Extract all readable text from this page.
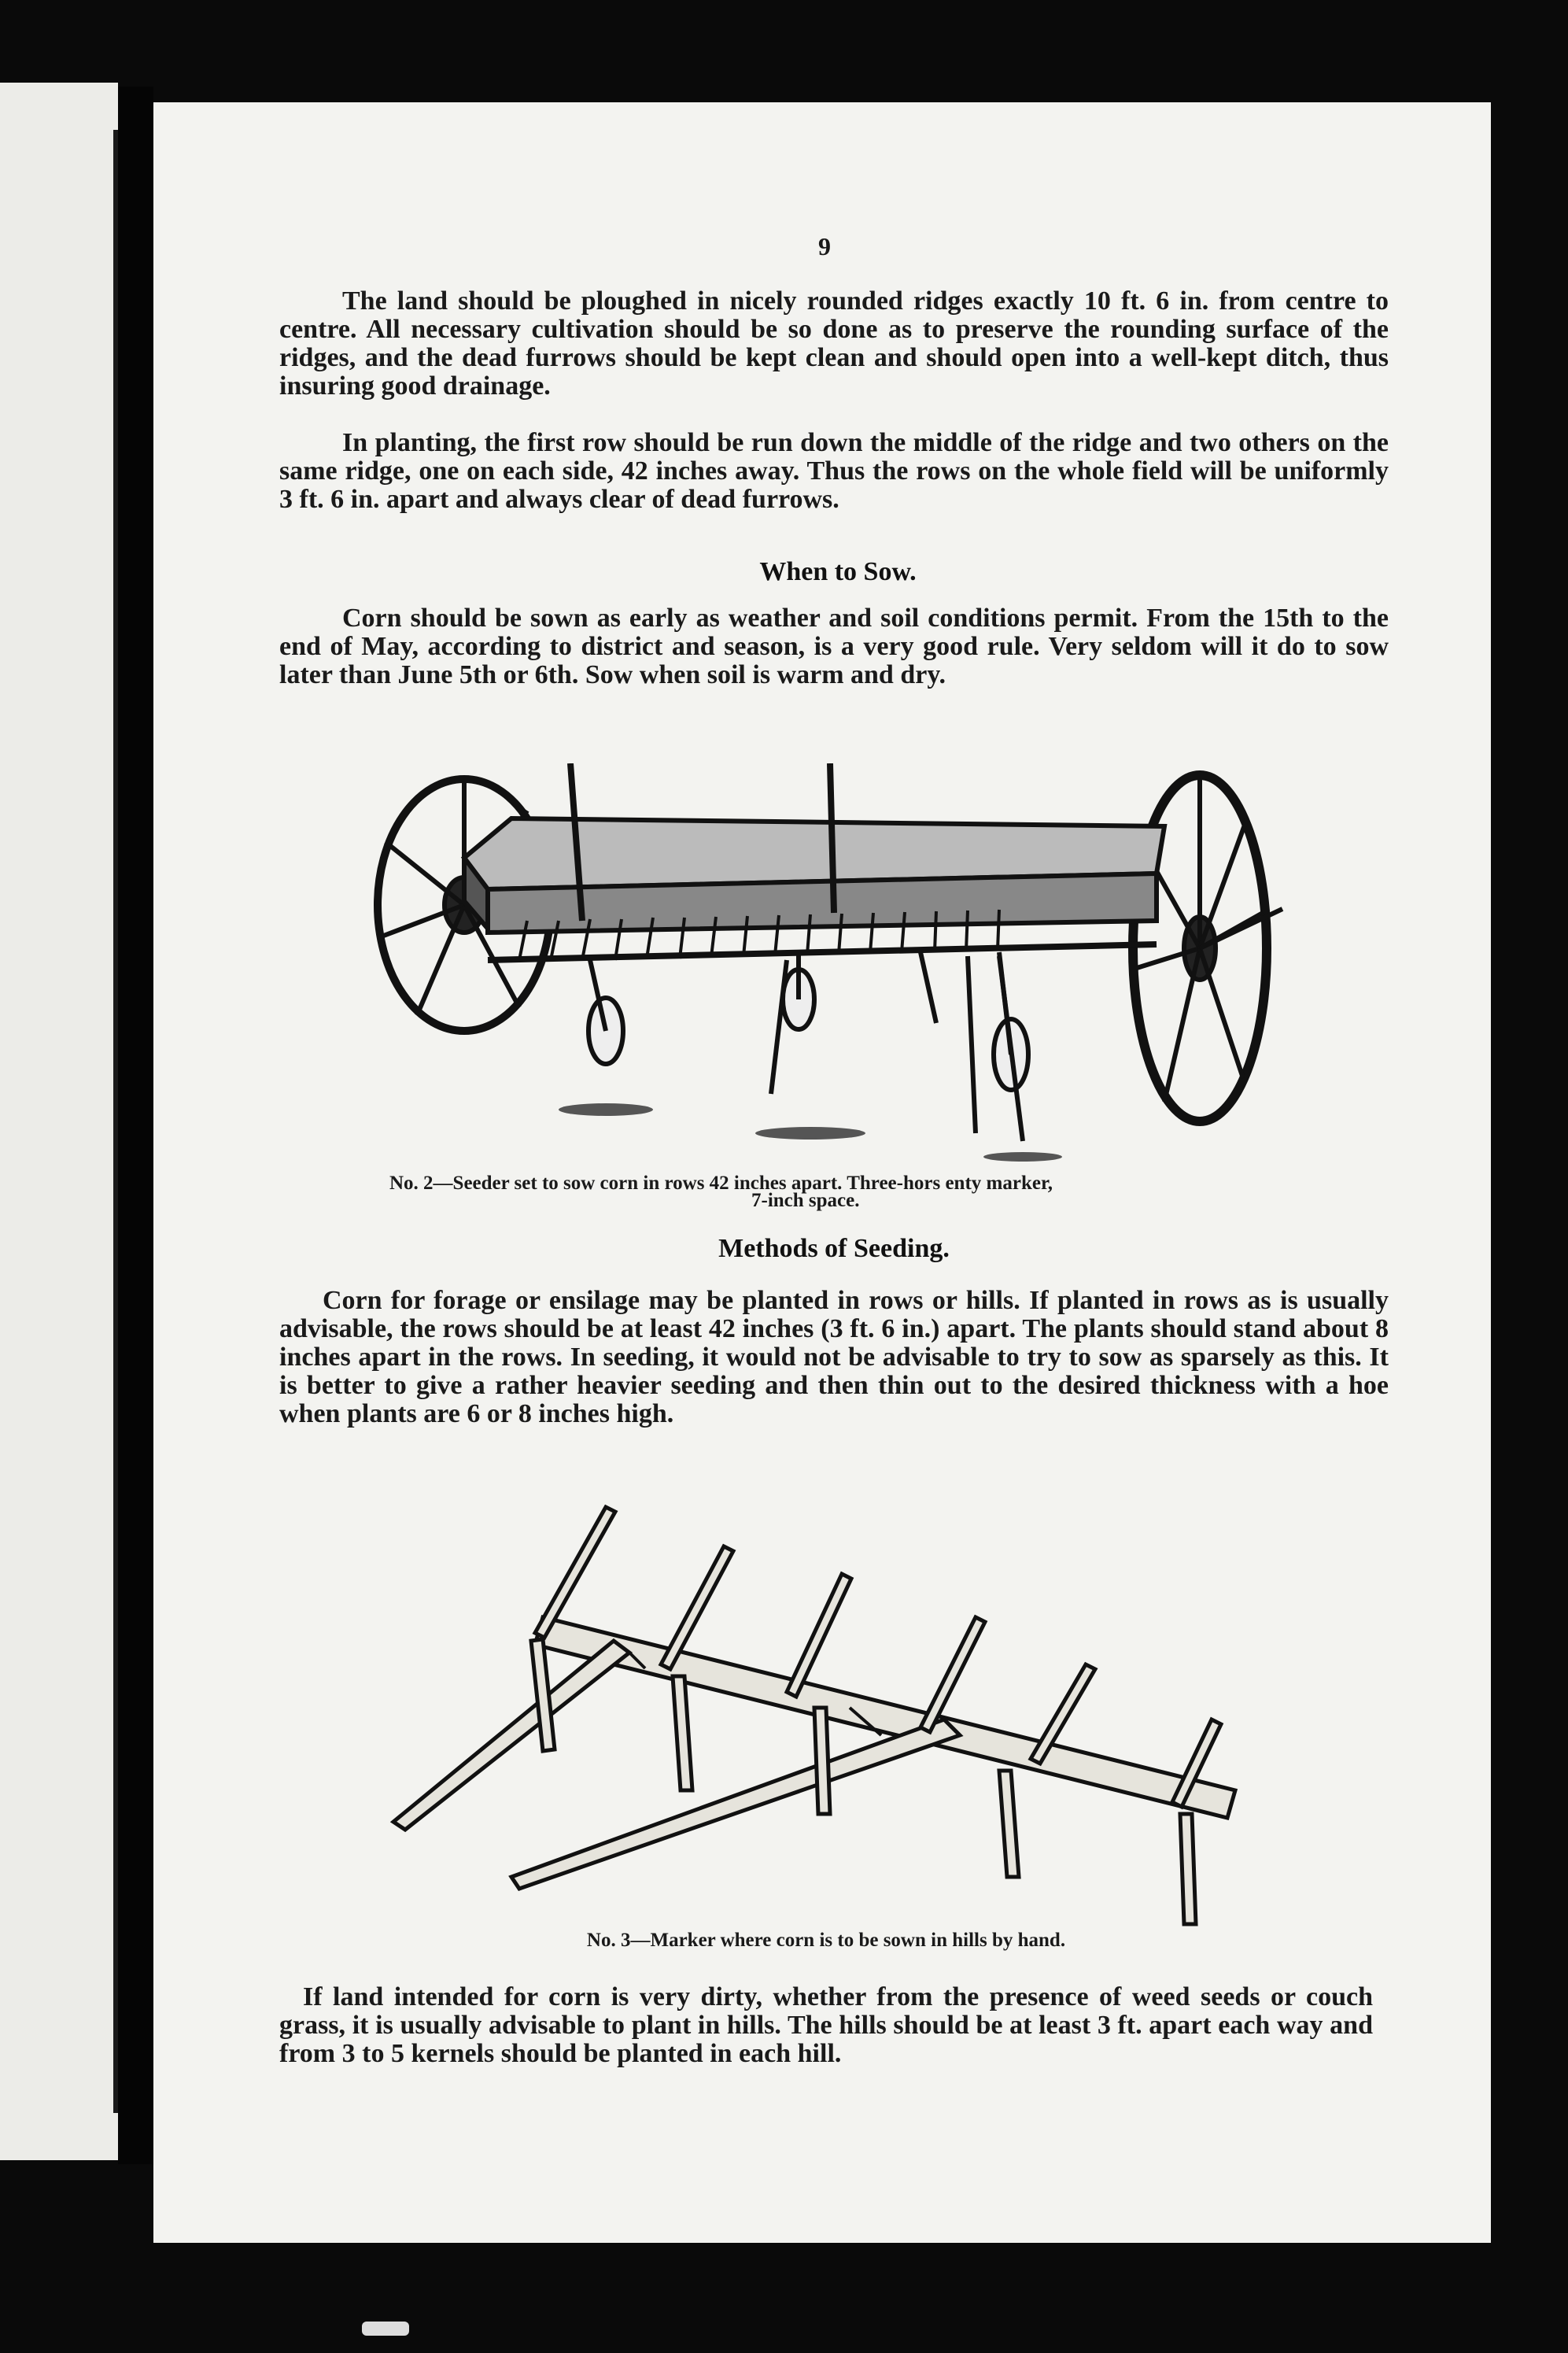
9

The land should be ploughed in nicely rounded ridges exactly 10 ft. 6 in. from centre to centre. All necessary cultivation should be so done as to preserve the rounding surface of the ridges, and the dead furrows should be kept clean and should open into a well-kept ditch, thus insuring good drainage.

In planting, the first row should be run down the middle of the ridge and two others on the same ridge, one on each side, 42 inches away. Thus the rows on the whole field will be uniformly 3 ft. 6 in. apart and always clear of dead furrows.

When to Sow.

Corn should be sown as early as weather and soil conditions permit. From the 15th to the end of May, according to district and season, is a very good rule. Very seldom will it do to sow later than June 5th or 6th. Sow when soil is warm and dry.

No. 2—Seeder set to sow corn in rows 42 inches apart. Three-hors enty marker,
7-inch space.
Methods of Seeding.

Corn for forage or ensilage may be planted in rows or hills. If planted in rows as is usually advisable, the rows should be at least 42 inches (3 ft. 6 in.) apart. The plants should stand about 8 inches apart in the rows. In seeding, it would not be advisable to try to sow as sparsely as this. It is better to give a rather heavier seeding and then thin out to the desired thickness with a hoe when plants are 6 or 8 inches high.

No. 3—Marker where corn is to be sown in hills by hand.

If land intended for corn is very dirty, whether from the presence of weed seeds or couch grass, it is usually advisable to plant in hills. The hills should be at least 3 ft. apart each way and from 3 to 5 kernels should be planted in each hill.
